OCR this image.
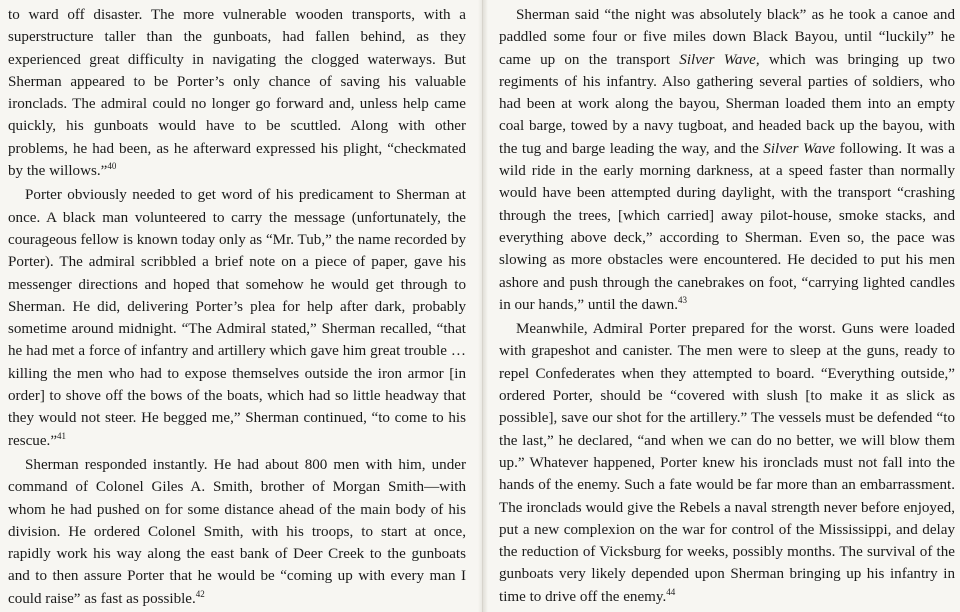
to ward off disaster. The more vulnerable wooden transports, with a superstructure taller than the gunboats, had fallen behind, as they experienced great difficulty in navigating the clogged waterways. But Sherman appeared to be Porter’s only chance of saving his valuable ironclads. The admiral could no longer go forward and, unless help came quickly, his gunboats would have to be scuttled. Along with other problems, he had been, as he afterward expressed his plight, “checkmated by the willows.”$^{40}$

Porter obviously needed to get word of his predicament to Sherman at once. A black man volunteered to carry the message (unfortunately, the courageous fellow is known today only as “Mr. Tub,” the name recorded by Porter). The admiral scribbled a brief note on a piece of paper, gave his messenger directions and hoped that somehow he would get through to Sherman. He did, delivering Porter’s plea for help after dark, probably sometime around midnight. “The Admiral stated,” Sherman recalled, “that he had met a force of infantry and artillery which gave him great trouble … killing the men who had to expose themselves outside the iron armor [in order] to shove off the bows of the boats, which had so little headway that they would not steer. He begged me,” Sherman continued, “to come to his rescue.”$^{41}$

Sherman responded instantly. He had about 800 men with him, under command of Colonel Giles A. Smith, brother of Morgan Smith—with whom he had pushed on for some distance ahead of the main body of his division. He ordered Colonel Smith, with his troops, to start at once, rapidly work his way along the east bank of Deer Creek to the gunboats and to then assure Porter that he would be “coming up with every man I could raise” as fast as possible.$^{42}$

Sherman said “the night was absolutely black” as he took a canoe and paddled some four or five miles down Black Bayou, until “luckily” he came up on the transport Silver Wave, which was bringing up two regiments of his infantry. Also gathering several parties of soldiers, who had been at work along the bayou, Sherman loaded them into an empty coal barge, towed by a navy tugboat, and headed back up the bayou, with the tug and barge leading the way, and the Silver Wave following. It was a wild ride in the early morning darkness, at a speed faster than normally would have been attempted during daylight, with the transport “crashing through the trees, [which carried] away pilot-house, smoke stacks, and everything above deck,” according to Sherman. Even so, the pace was slowing as more obstacles were encountered. He decided to put his men ashore and push through the canebrakes on foot, “carrying lighted candles in our hands,” until the dawn.$^{43}$

Meanwhile, Admiral Porter prepared for the worst. Guns were loaded with grapeshot and canister. The men were to sleep at the guns, ready to repel Confederates when they attempted to board. “Everything outside,” ordered Porter, should be “covered with slush [to make it as slick as possible], save our shot for the artillery.” The vessels must be defended “to the last,” he declared, “and when we can do no better, we will blow them up.” Whatever happened, Porter knew his ironclads must not fall into the hands of the enemy. Such a fate would be far more than an embarrassment. The ironclads would give the Rebels a naval strength never before enjoyed, put a new complexion on the war for control of the Mississippi, and delay the reduction of Vicksburg for weeks, possibly months. The survival of the gunboats very likely depended upon Sherman bringing up his infantry in time to drive off the enemy.$^{44}$
